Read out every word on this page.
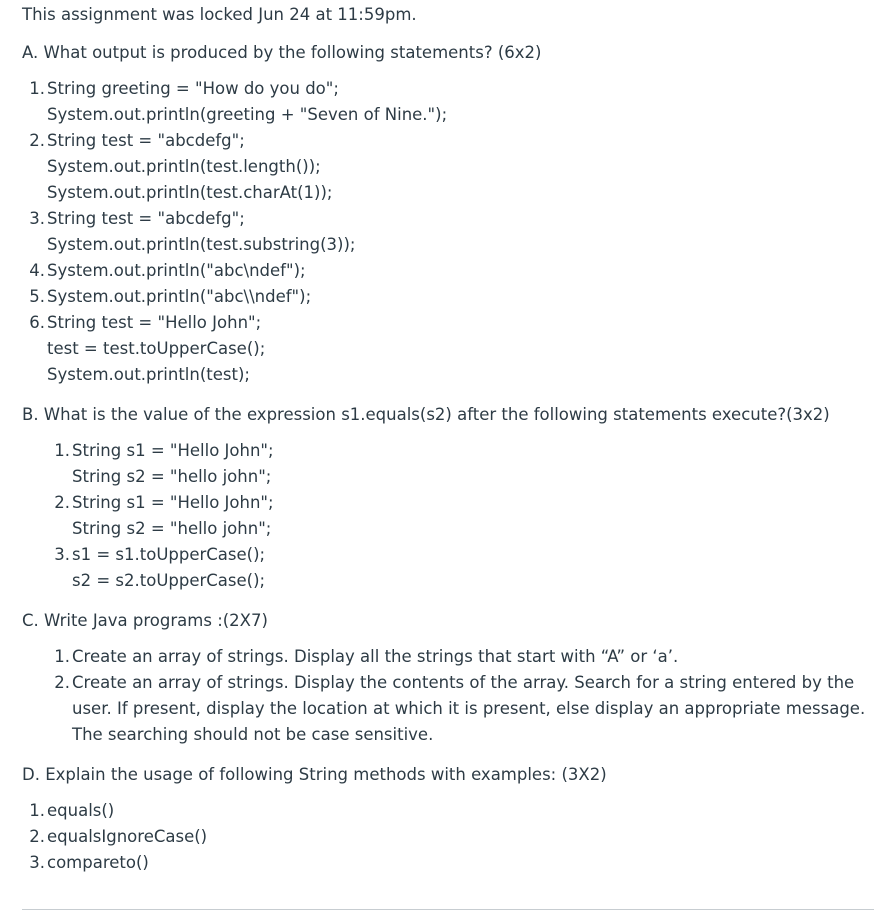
This assignment was locked Jun 24 at 11:59pm.

A. What output is produced by the following statements? (6x2)

1. String greeting = "How do you do";
System.out.println(greeting + "Seven of Nine.");
2. String test = "abcdefg";
System.out.println(test.length());
System.out.println(test.charAt(1));
3. String test = "abcdefg";
System.out.println(test.substring(3));
4. System.out.println("abc\ndef");
5. System.out.println("abc\\ndef");
6. String test = "Hello John";
test = test.toUpperCase();
System.out.println(test);

B. What is the value of the expression s1.equals(s2) after the following statements execute?(3x2)

1. String s1 = "Hello John";
String s2 = "hello john";
2. String s1 = "Hello John";
String s2 = "hello john";
3. s1 = s1.toUpperCase();
s2 = s2.toUpperCase();

C. Write Java programs :(2X7)

1. Create an array of strings. Display all the strings that start with “A” or ‘a’.
2. Create an array of strings. Display the contents of the array. Search for a string entered by the user. If present, display the location at which it is present, else display an appropriate message. The searching should not be case sensitive.

D. Explain the usage of following String methods with examples: (3X2)

1. equals()
2. equalsIgnoreCase()
3. compareto()
